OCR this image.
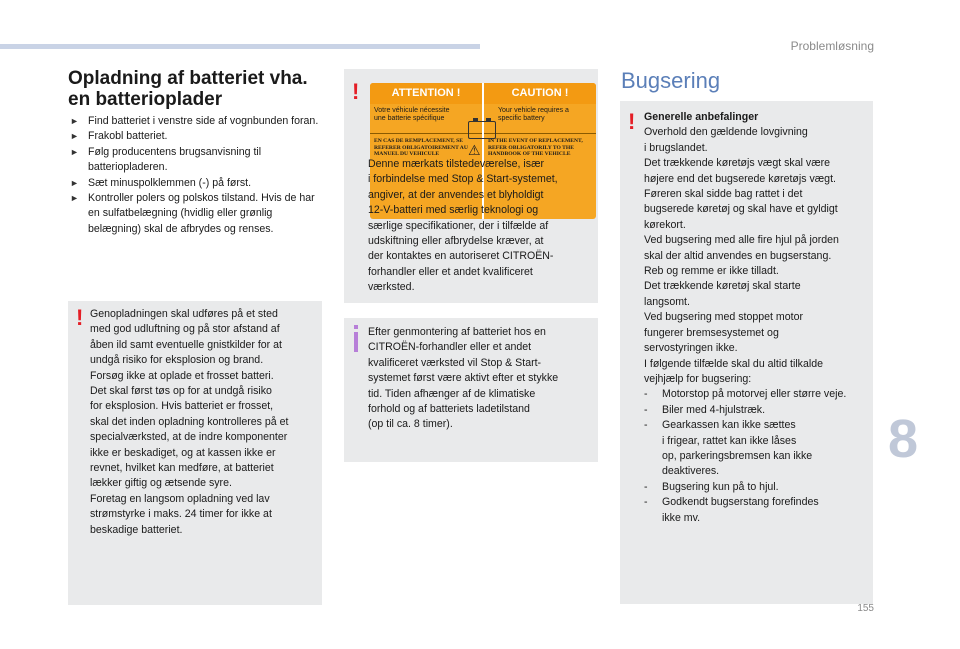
Problemløsning
Opladning af batteriet vha.
en batterioplader
► Find batteriet i venstre side af vognbunden foran.
► Frakobl batteriet.
► Følg producentens brugsanvisning til batteriopladeren.
► Sæt minuspolklemmen (-) på først.
► Kontroller polers og polskos tilstand. Hvis de har en sulfatbelægning (hvidlig eller grønlig belægning) skal de afbrydes og renses.
! Genopladningen skal udføres på et sted
med god udluftning og på stor afstand af
åben ild samt eventuelle gnistkilder for at
undgå risiko for eksplosion og brand.
Forsøg ikke at oplade et frosset batteri.
Det skal først tøs op for at undgå risiko
for eksplosion. Hvis batteriet er frosset,
skal det inden opladning kontrolleres på et
specialværksted, at de indre komponenter
ikke er beskadiget, og at kassen ikke er
revnet, hvilket kan medføre, at batteriet
lækker giftig og ætsende syre.
Foretag en langsom opladning ved lav
strømstyrke i maks. 24 timer for ikke at
beskadige batteriet.
!	ATTENTION !
Votre véhicule nécessite une batterie spécifique
EN CAS DE REMPLACEMENT, SE REFERER OBLIGATOIREMENT AU MANUEL DU VEHICULE
CAUTION !
Your vehicle requires a specific battery
IN THE EVENT OF REPLACEMENT, REFER OBLIGATORILY TO THE HANDBOOK OF THE VEHICLE
⚠
Denne mærkats tilstedeværelse, især
i forbindelse med Stop & Start-systemet,
angiver, at der anvendes et blyholdigt
12-V-batteri med særlig teknologi og
særlige specifikationer, der i tilfælde af
udskiftning eller afbrydelse kræver, at
der kontaktes en autoriseret CITROËN-
forhandler eller et andet kvalificeret
værksted.
Efter genmontering af batteriet hos en
CITROËN-forhandler eller et andet
kvalificeret værksted vil Stop & Start-
systemet først være aktivt efter et stykke
tid. Tiden afhænger af de klimatiske
forhold og af batteriets ladetilstand
(op til ca. 8 timer).
Bugsering
! Generelle anbefalinger
Overhold den gældende lovgivning
i brugslandet.
Det trækkende køretøjs vægt skal være
højere end det bugserede køretøjs vægt.
Føreren skal sidde bag rattet i det
bugserede køretøj og skal have et gyldigt
kørekort.
Ved bugsering med alle fire hjul på jorden
skal der altid anvendes en bugserstang.
Reb og remme er ikke tilladt.
Det trækkende køretøj skal starte
langsomt.
Ved bugsering med stoppet motor
fungerer bremsesystemet og
servostyringen ikke.
I følgende tilfælde skal du altid tilkalde
vejhjælp for bugsering:
-	Motorstop på motorvej eller større veje.
-	Biler med 4-hjulstræk.
-	Gearkassen kan ikke sættes
i frigear, rattet kan ikke låses
op, parkeringsbremsen kan ikke
deaktiveres.
-	Bugsering kun på to hjul.
-	Godkendt bugserstang forefindes
ikke mv.
8
155
